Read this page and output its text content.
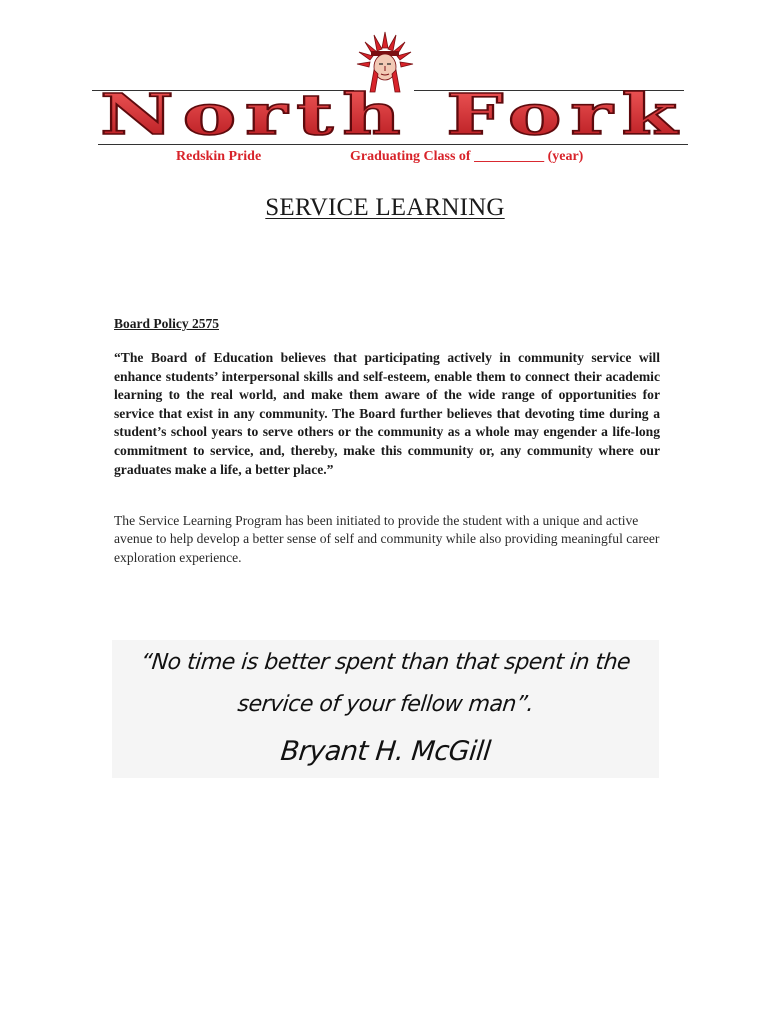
North Fork
Redskin Pride	Graduating Class of __________ (year)
SERVICE LEARNING
Board Policy 2575
“The Board of Education believes that participating actively in community service will enhance students’ interpersonal skills and self-esteem, enable them to connect their academic learning to the real world, and make them aware of the wide range of opportunities for service that exist in any community. The Board further believes that devoting time during a student’s school years to serve others or the community as a whole may engender a life-long commitment to service, and, thereby, make this community or, any community where our graduates make a life, a better place.”
The Service Learning Program has been initiated to provide the student with a unique and active avenue to help develop a better sense of self and community while also providing meaningful career exploration experience.
“No time is better spent than that spent in the
service of your fellow man”.
Bryant H. McGill
